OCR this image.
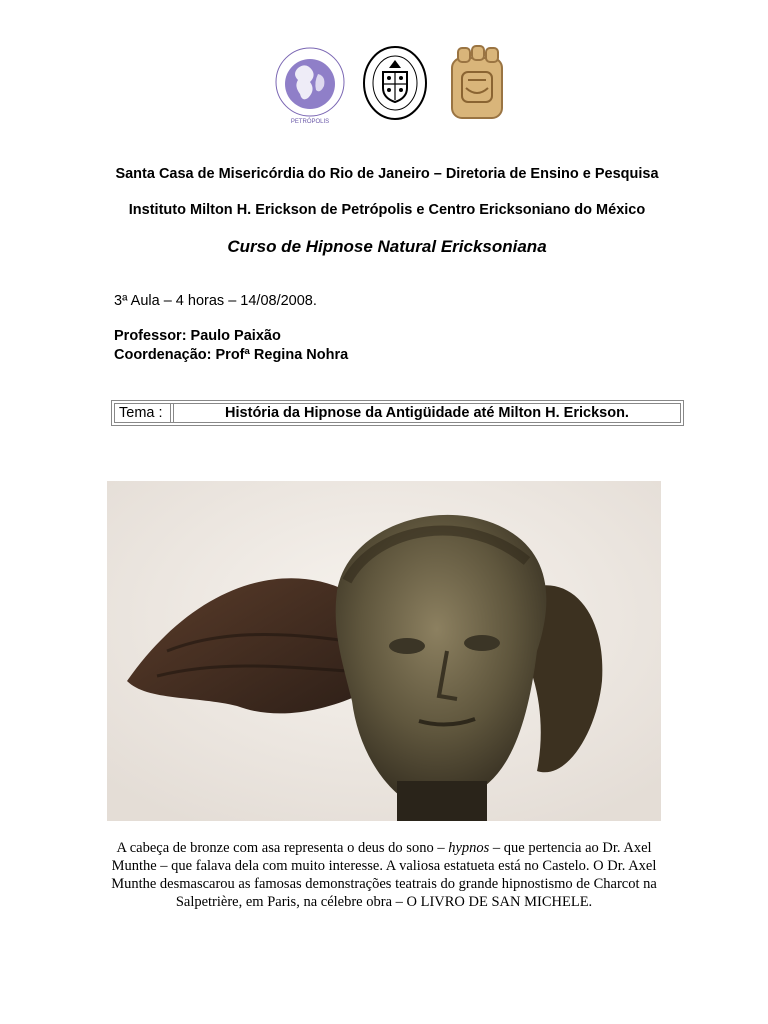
PETRÓPOLIS
Santa Casa de Misericórdia do Rio de Janeiro – Diretoria de Ensino e Pesquisa
Instituto Milton H. Erickson de Petrópolis e Centro Ericksoniano do México
Curso de Hipnose Natural Ericksoniana
3ª Aula – 4 horas – 14/08/2008.
Professor: Paulo Paixão
Coordenação: Profª Regina Nohra
Tema :	História da Hipnose da Antigüidade até Milton H. Erickson.
A cabeça de bronze com asa representa o deus do sono – hypnos – que pertencia ao Dr. Axel Munthe – que falava dela com muito interesse. A valiosa estatueta está no Castelo. O Dr. Axel Munthe desmascarou as famosas demonstrações teatrais do grande hipnostismo de Charcot na Salpetrière, em Paris, na célebre obra – O LIVRO DE SAN MICHELE.
